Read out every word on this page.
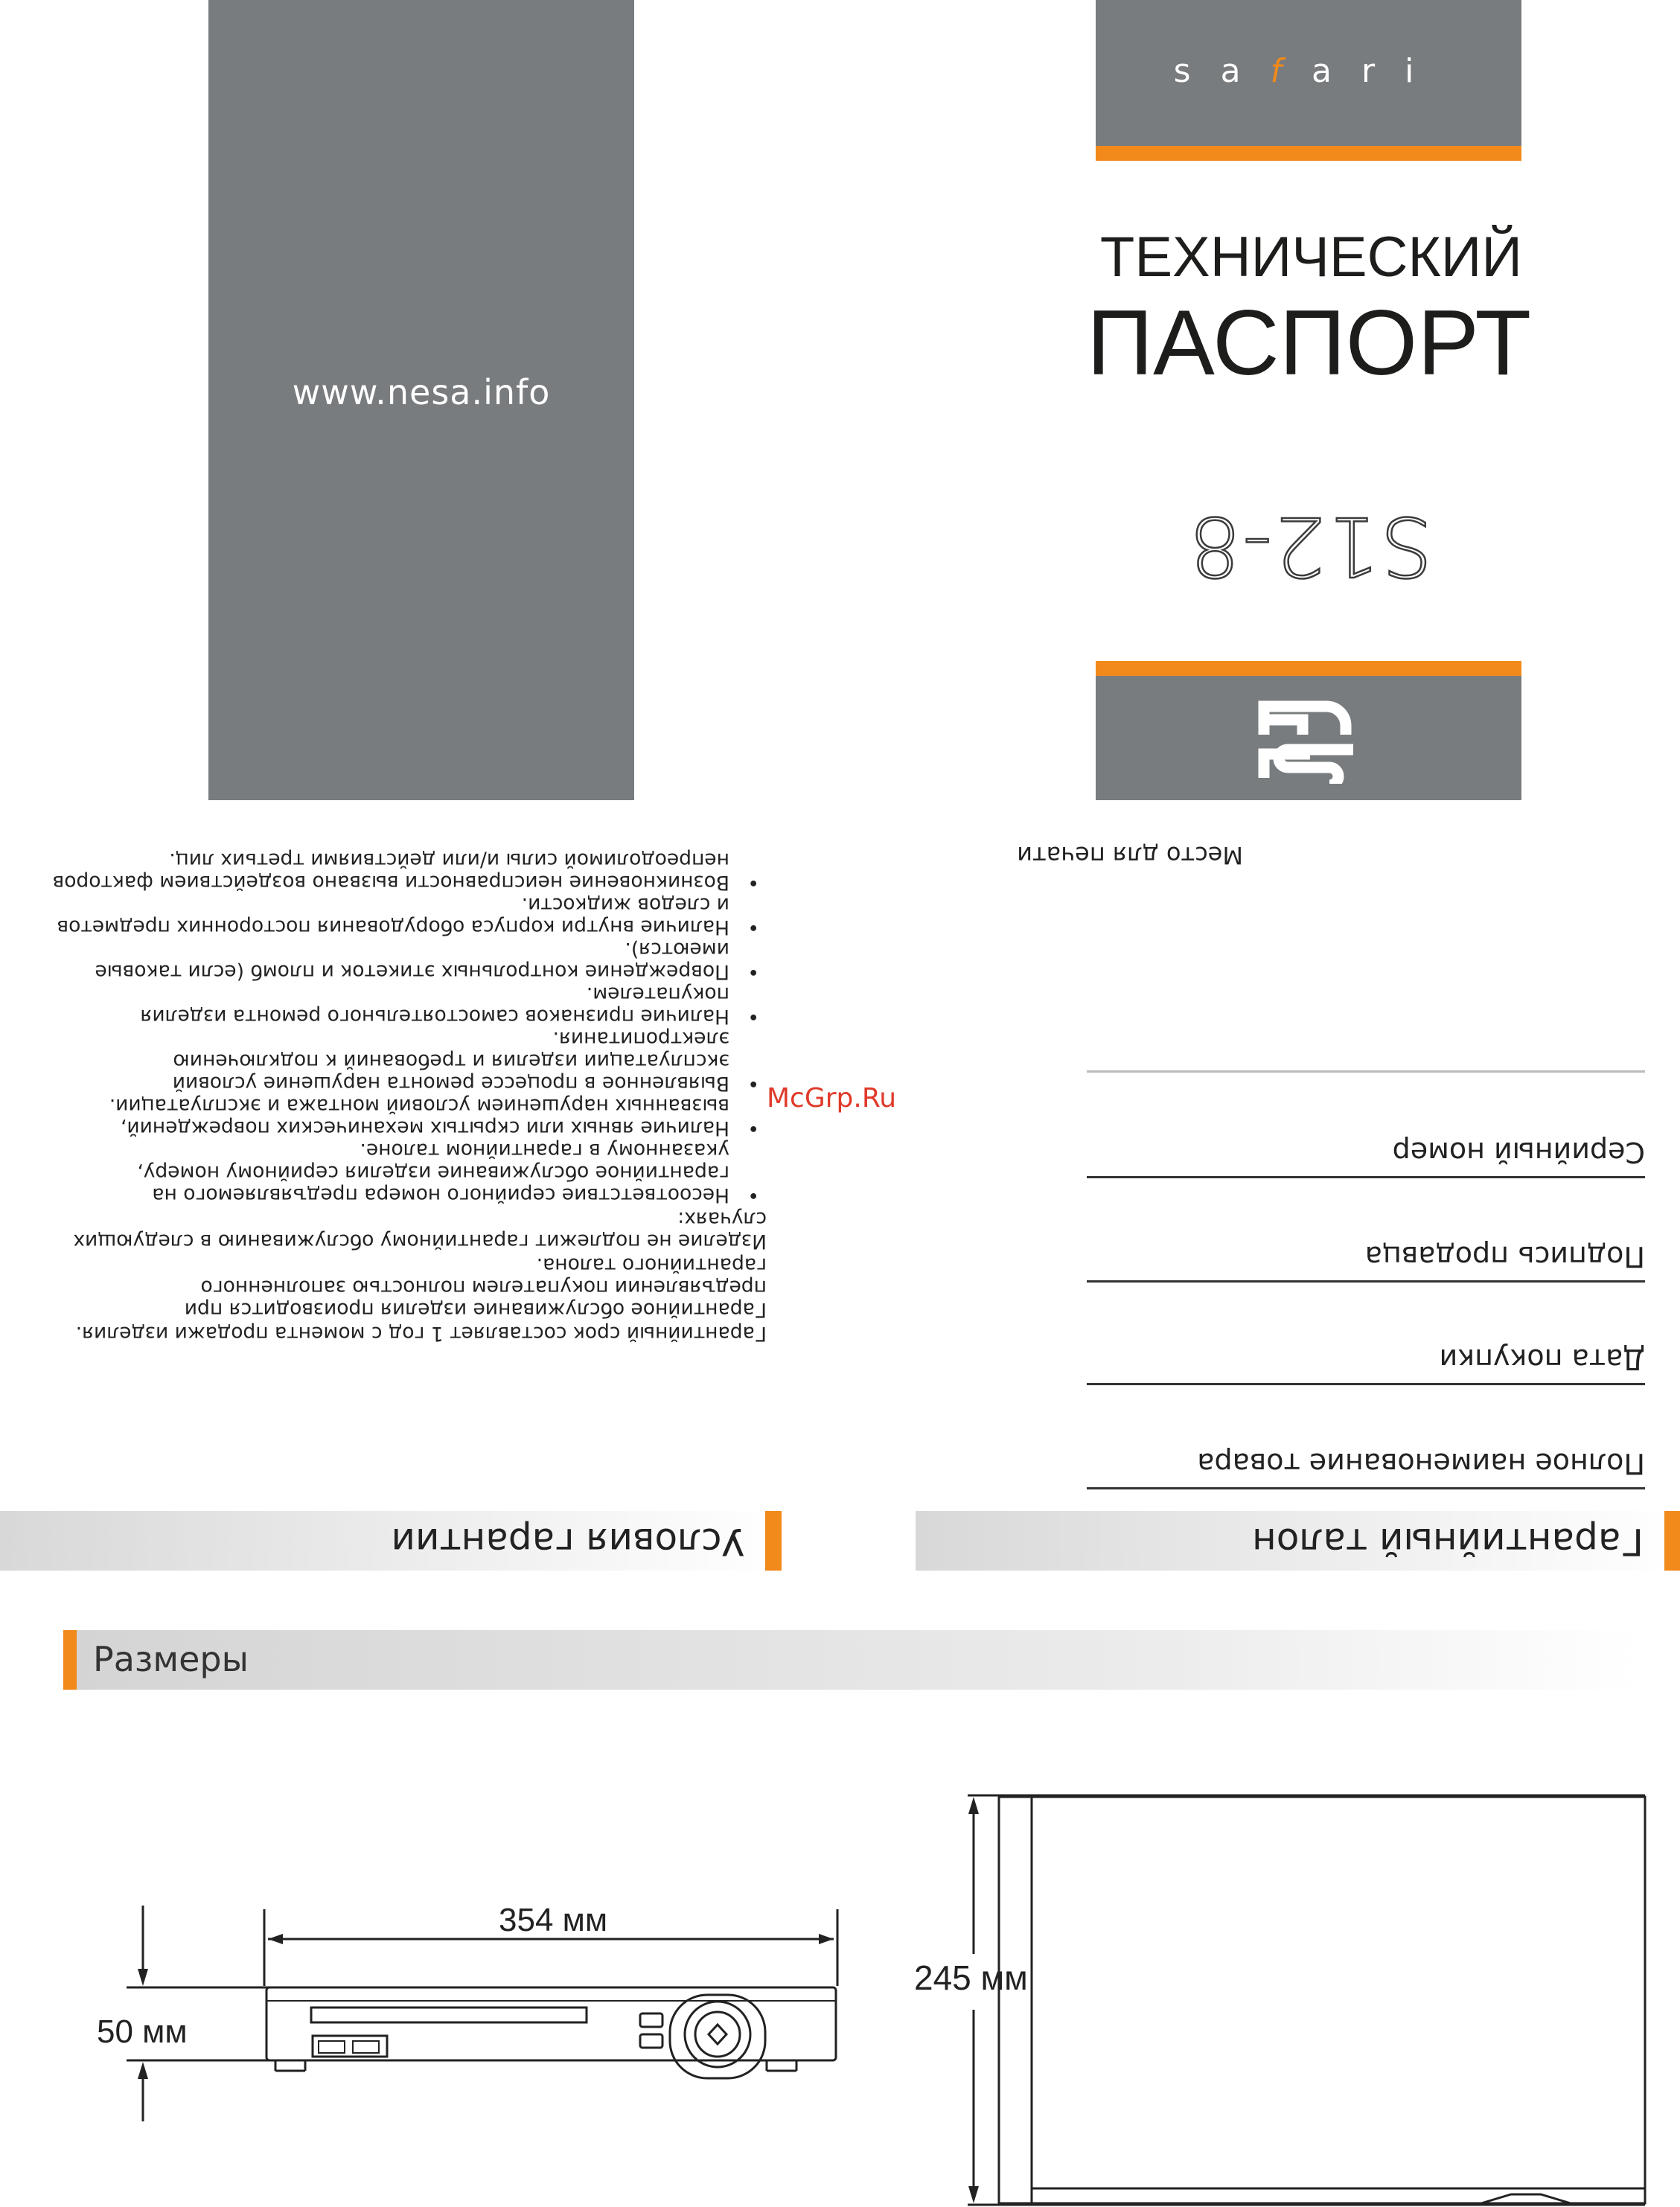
www.nesa.info
safari
ТЕХНИЧЕСКИЙ
ПАСПОРТ
S12-8
Гарантийный талон
Полное наименование товара
Дата покупки
Подпись продавца
Серийный номер
Место для печати
Условия гарантии

Гарантийный срок составляет 1 год с момента продажи изделия.

Гарантийное обслуживание изделия производится при предъявлении покупателем полностью заполненного гарантийного талона.

Изделие не подлежит гарантийному обслуживанию в следующих случаях:

• Несоответствие серийного номера предъявляемого на гарантийное обслуживание изделия серийному номеру, указанному в гарантийном талоне.
• Наличие явных или скрытых механических повреждений, вызванных нарушением условий монтажа и эксплуатации.
• Выявленное в процессе ремонта нарушение условий эксплуатации изделия и требований к подключению электропитания.
• Наличие признаков самостоятельного ремонта изделия покупателем.
• Повреждение контрольных этикеток и пломб (если таковые имеются).
• Наличие внутри корпуса оборудования посторонних предметов и следов жидкости.
• Возникновение неисправности вызвано воздействием факторов непреодолимой силы и/или действиями третьих лиц.
McGrp.Ru
Размеры
354 мм
50 мм
245 мм
